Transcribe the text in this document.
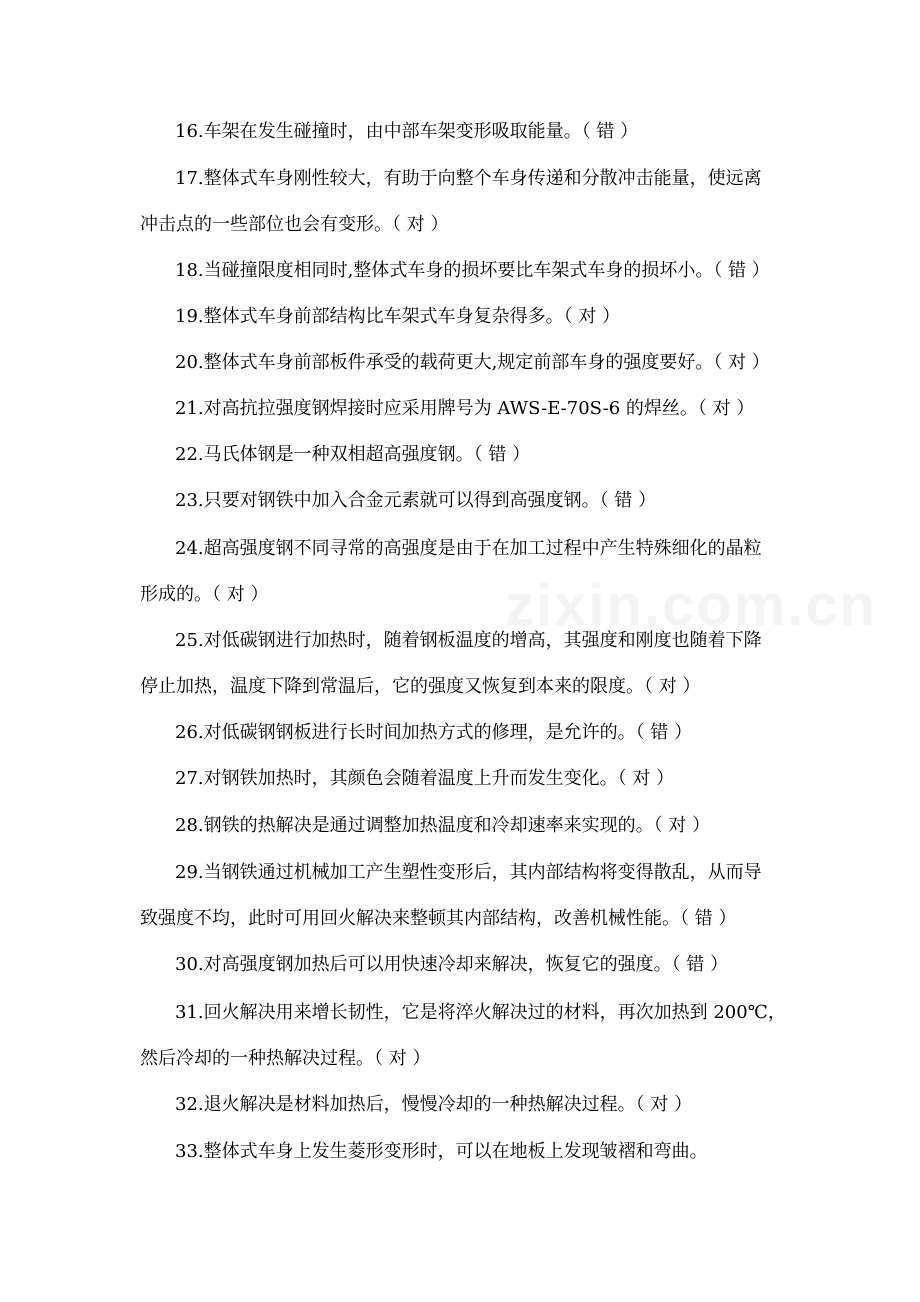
zixin.com.cn
16.车架在发生碰撞时，由中部车架变形吸取能量。（ 错 ）
17.整体式车身刚性较大，有助于向整个车身传递和分散冲击能量，使远离
冲击点的一些部位也会有变形。（ 对 ）
18.当碰撞限度相同时,整体式车身的损坏要比车架式车身的损坏小。（ 错 ）
19.整体式车身前部结构比车架式车身复杂得多。（ 对 ）
20.整体式车身前部板件承受的载荷更大,规定前部车身的强度要好。（ 对 ）
21.对高抗拉强度钢焊接时应采用牌号为 AWS-E-70S-6 的焊丝。（ 对 ）
22.马氏体钢是一种双相超高强度钢。（ 错 ）
23.只要对钢铁中加入合金元素就可以得到高强度钢。（ 错 ）
24.超高强度钢不同寻常的高强度是由于在加工过程中产生特殊细化的晶粒
形成的。（ 对 ）
25.对低碳钢进行加热时，随着钢板温度的增高，其强度和刚度也随着下降
停止加热，温度下降到常温后，它的强度又恢复到本来的限度。（ 对 ）
26.对低碳钢钢板进行长时间加热方式的修理，是允许的。（ 错 ）
27.对钢铁加热时，其颜色会随着温度上升而发生变化。（ 对 ）
28.钢铁的热解决是通过调整加热温度和冷却速率来实现的。（ 对 ）
29.当钢铁通过机械加工产生塑性变形后，其内部结构将变得散乱，从而导
致强度不均，此时可用回火解决来整顿其内部结构，改善机械性能。（ 错 ）
30.对高强度钢加热后可以用快速冷却来解决，恢复它的强度。（ 错 ）
31.回火解决用来增长韧性，它是将淬火解决过的材料，再次加热到 200℃，
然后冷却的一种热解决过程。（ 对 ）
32.退火解决是材料加热后，慢慢冷却的一种热解决过程。（ 对 ）
33.整体式车身上发生菱形变形时，可以在地板上发现皱褶和弯曲。
